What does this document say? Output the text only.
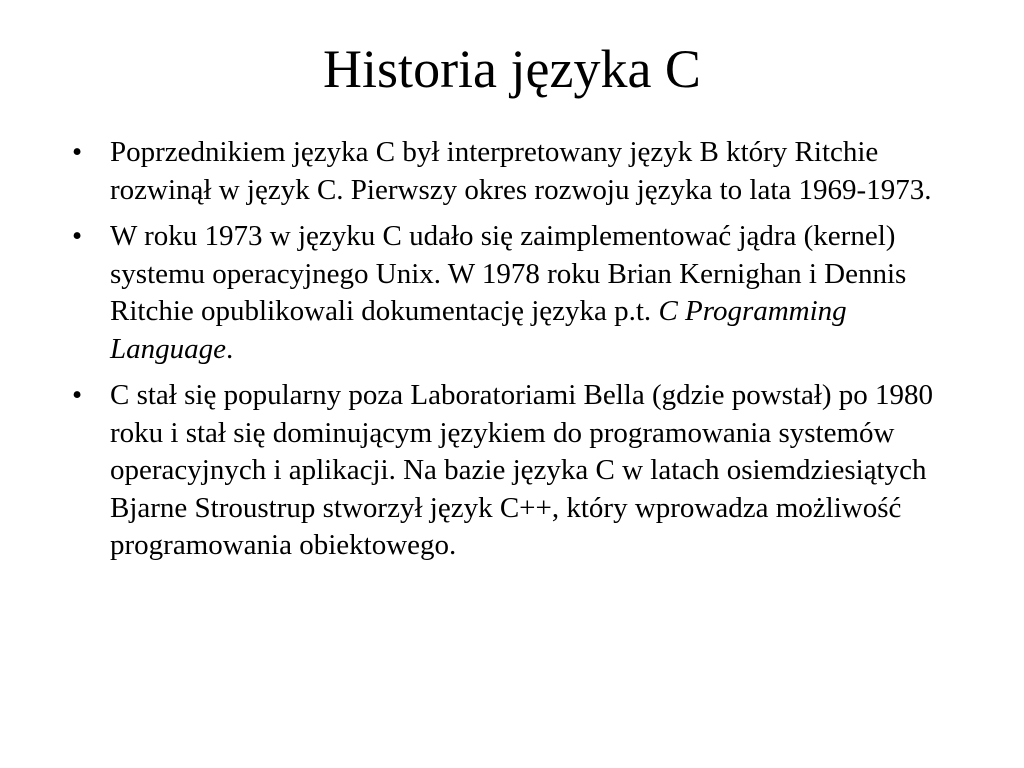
Historia języka C
• Poprzednikiem języka C był interpretowany język B który Ritchie rozwinął w język C. Pierwszy okres rozwoju języka to lata 1969-1973.
• W roku 1973 w języku C udało się zaimplementować jądra (kernel) systemu operacyjnego Unix. W 1978 roku Brian Kernighan i Dennis Ritchie opublikowali dokumentację języka p.t. C Programming Language.
• C stał się popularny poza Laboratoriami Bella (gdzie powstał) po 1980 roku i stał się dominującym językiem do programowania systemów operacyjnych i aplikacji. Na bazie języka C w latach osiemdziesiątych Bjarne Stroustrup stworzył język C++, który wprowadza możliwość programowania obiektowego.
